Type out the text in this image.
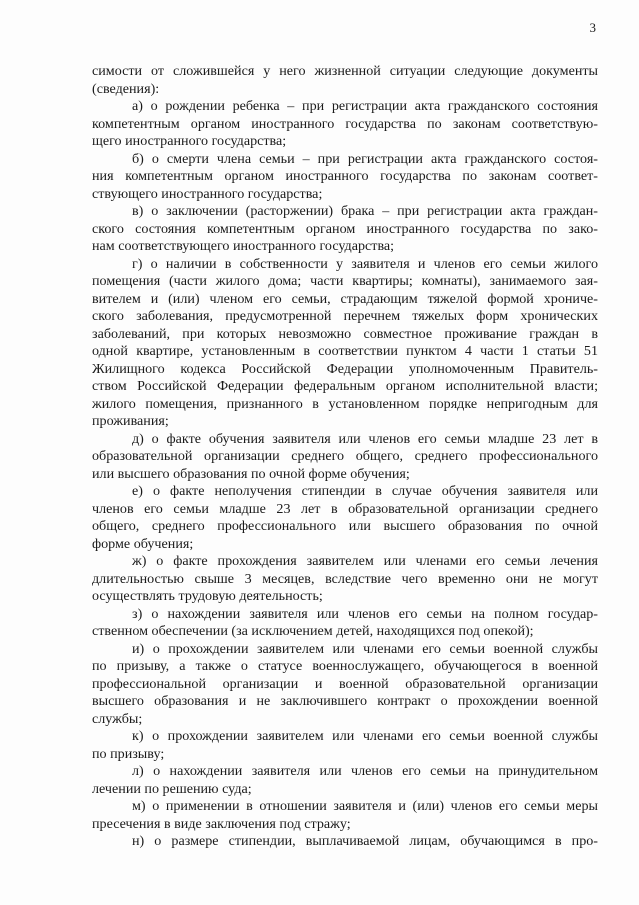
3
симости от сложившейся у него жизненной ситуации следующие документы
(сведения):
а) о рождении ребенка – при регистрации акта гражданского состояния
компетентным органом иностранного государства по законам соответствую-
щего иностранного государства;
б) о смерти члена семьи – при регистрации акта гражданского состоя-
ния компетентным органом иностранного государства по законам соответ-
ствующего иностранного государства;
в) о заключении (расторжении) брака – при регистрации акта граждан-
ского состояния компетентным органом иностранного государства по зако-
нам соответствующего иностранного государства;
г) о наличии в собственности у заявителя и членов его семьи жилого
помещения (части жилого дома; части квартиры; комнаты), занимаемого зая-
вителем и (или) членом его семьи, страдающим тяжелой формой хрониче-
ского заболевания, предусмотренной перечнем тяжелых форм хронических
заболеваний, при которых невозможно совместное проживание граждан в
одной квартире, установленным в соответствии пунктом 4 части 1 статьи 51
Жилищного кодекса Российской Федерации уполномоченным Правитель-
ством Российской Федерации федеральным органом исполнительной власти;
жилого помещения, признанного в установленном порядке непригодным для
проживания;
д) о факте обучения заявителя или членов его семьи младше 23 лет в
образовательной организации среднего общего, среднего профессионального
или высшего образования по очной форме обучения;
е) о факте неполучения стипендии в случае обучения заявителя или
членов его семьи младше 23 лет в образовательной организации среднего
общего, среднего профессионального или высшего образования по очной
форме обучения;
ж) о факте прохождения заявителем или членами его семьи лечения
длительностью свыше 3 месяцев, вследствие чего временно они не могут
осуществлять трудовую деятельность;
з) о нахождении заявителя или членов его семьи на полном государ-
ственном обеспечении (за исключением детей, находящихся под опекой);
и) о прохождении заявителем или членами его семьи военной службы
по призыву, а также о статусе военнослужащего, обучающегося в военной
профессиональной организации и военной образовательной организации
высшего образования и не заключившего контракт о прохождении военной
службы;
к) о прохождении заявителем или членами его семьи военной службы
по призыву;
л) о нахождении заявителя или членов его семьи на принудительном
лечении по решению суда;
м) о применении в отношении заявителя и (или) членов его семьи меры
пресечения в виде заключения под стражу;
н) о размере стипендии, выплачиваемой лицам, обучающимся в про-
